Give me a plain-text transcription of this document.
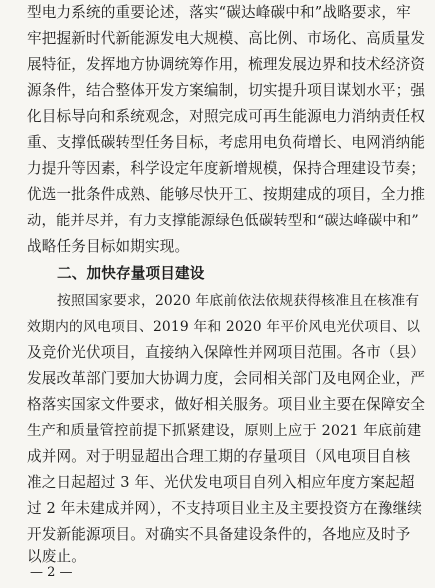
型电力系统的重要论述，落实“碳达峰碳中和”战略要求，牢
牢把握新时代新能源发电大规模、高比例、市场化、高质量发
展特征，发挥地方协调统筹作用，梳理发展边界和技术经济资
源条件，结合整体开发方案编制，切实提升项目谋划水平；强
化目标导向和系统观念，对照完成可再生能源电力消纳责任权
重、支撑低碳转型任务目标，考虑用电负荷增长、电网消纳能
力提升等因素，科学设定年度新增规模，保持合理建设节奏；
优选一批条件成熟、能够尽快开工、按期建成的项目，全力推
动，能并尽并，有力支撑能源绿色低碳转型和“碳达峰碳中和”
战略任务目标如期实现。
二、加快存量项目建设
按照国家要求，2020 年底前依法依规获得核准且在核准有
效期内的风电项目、2019 年和 2020 年平价风电光伏项目、以
及竞价光伏项目，直接纳入保障性并网项目范围。各市（县）
发展改革部门要加大协调力度，会同相关部门及电网企业，严
格落实国家文件要求，做好相关服务。项目业主要在保障安全
生产和质量管控前提下抓紧建设，原则上应于 2021 年底前建
成并网。对于明显超出合理工期的存量项目（风电项目自核
准之日起超过 3 年、光伏发电项目自列入相应年度方案起超
过 2 年未建成并网），不支持项目业主及主要投资方在豫继续
开发新能源项目。对确实不具备建设条件的，各地应及时予
以废止。
— 2 —
